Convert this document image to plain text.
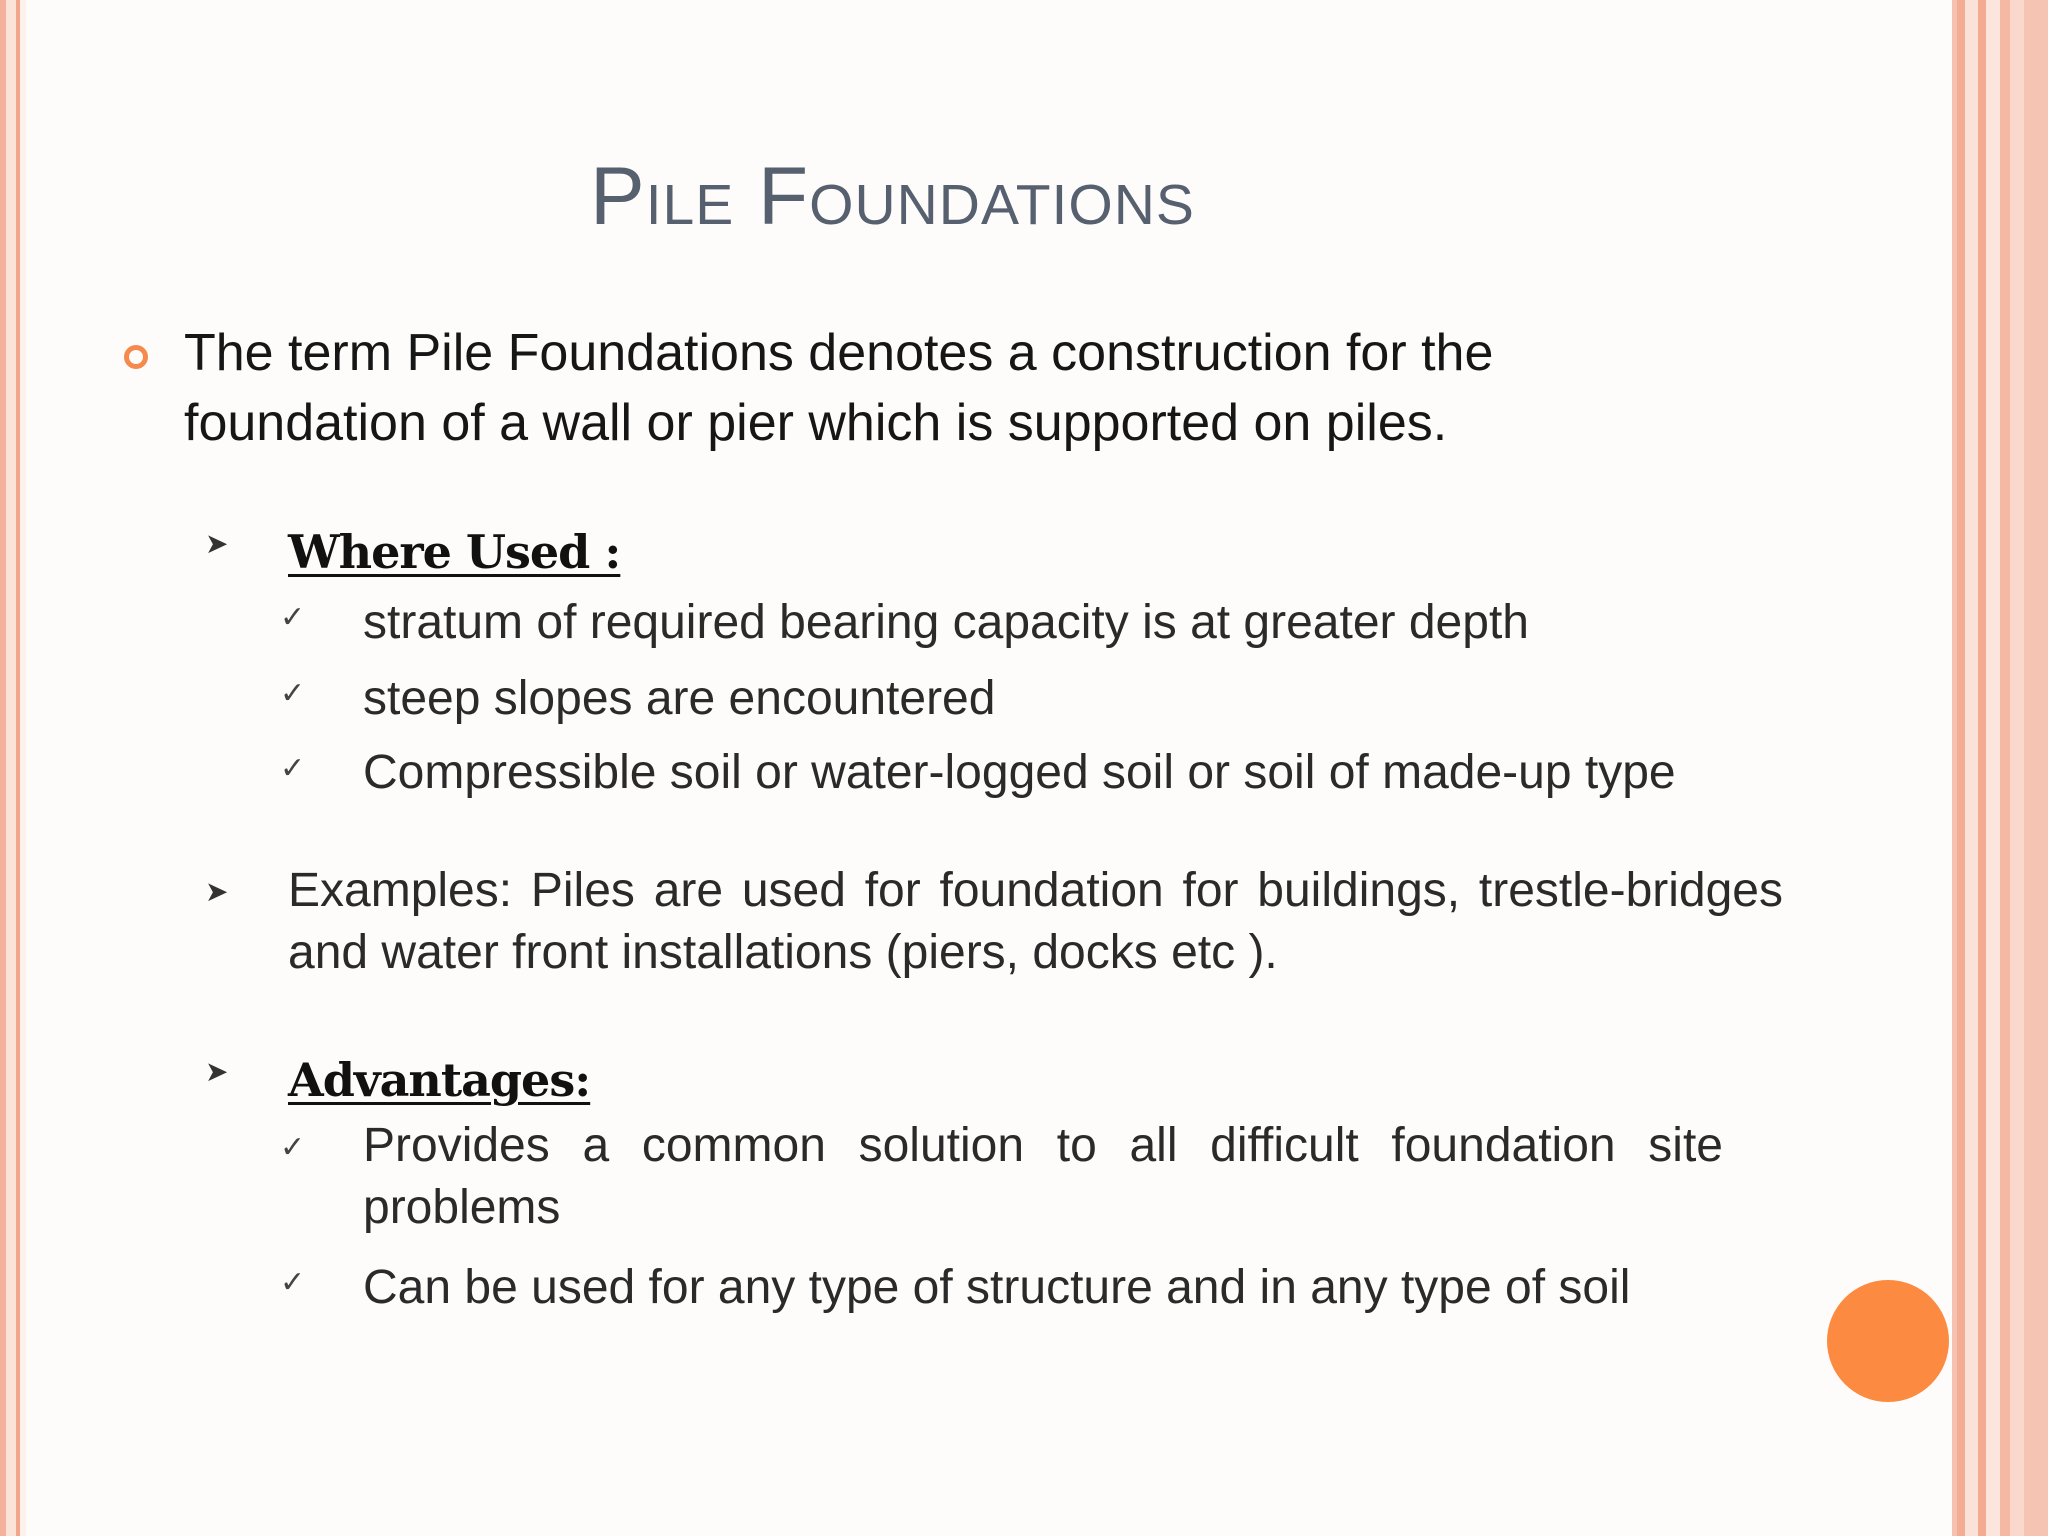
Pile Foundations
The term Pile Foundations denotes a construction for the foundation of a wall or pier which is supported on piles.
➤ Where Used :
✓ stratum of required bearing capacity is at greater depth
✓ steep slopes are encountered
✓ Compressible soil or water-logged soil or soil of made-up type
➤ Examples: Piles are used for foundation for buildings, trestle-bridges and water front installations (piers, docks etc ).
➤ Advantages:
✓ Provides a common solution to all difficult foundation site problems
✓ Can be used for any type of structure and in any type of soil
